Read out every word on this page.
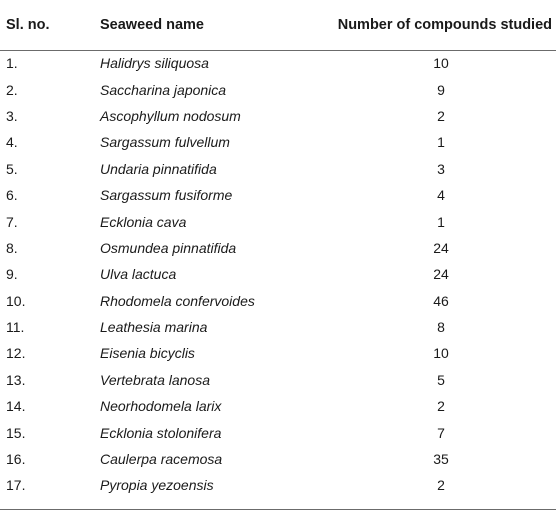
Sl. no.	Seaweed name	Number of compounds studied
1.	Halidrys siliquosa	10
2.	Saccharina japonica	9
3.	Ascophyllum nodosum	2
4.	Sargassum fulvellum	1
5.	Undaria pinnatifida	3
6.	Sargassum fusiforme	4
7.	Ecklonia cava	1
8.	Osmundea pinnatifida	24
9.	Ulva lactuca	24
10.	Rhodomela confervoides	46
11.	Leathesia marina	8
12.	Eisenia bicyclis	10
13.	Vertebrata lanosa	5
14.	Neorhodomela larix	2
15.	Ecklonia stolonifera	7
16.	Caulerpa racemosa	35
17.	Pyropia yezoensis	2
